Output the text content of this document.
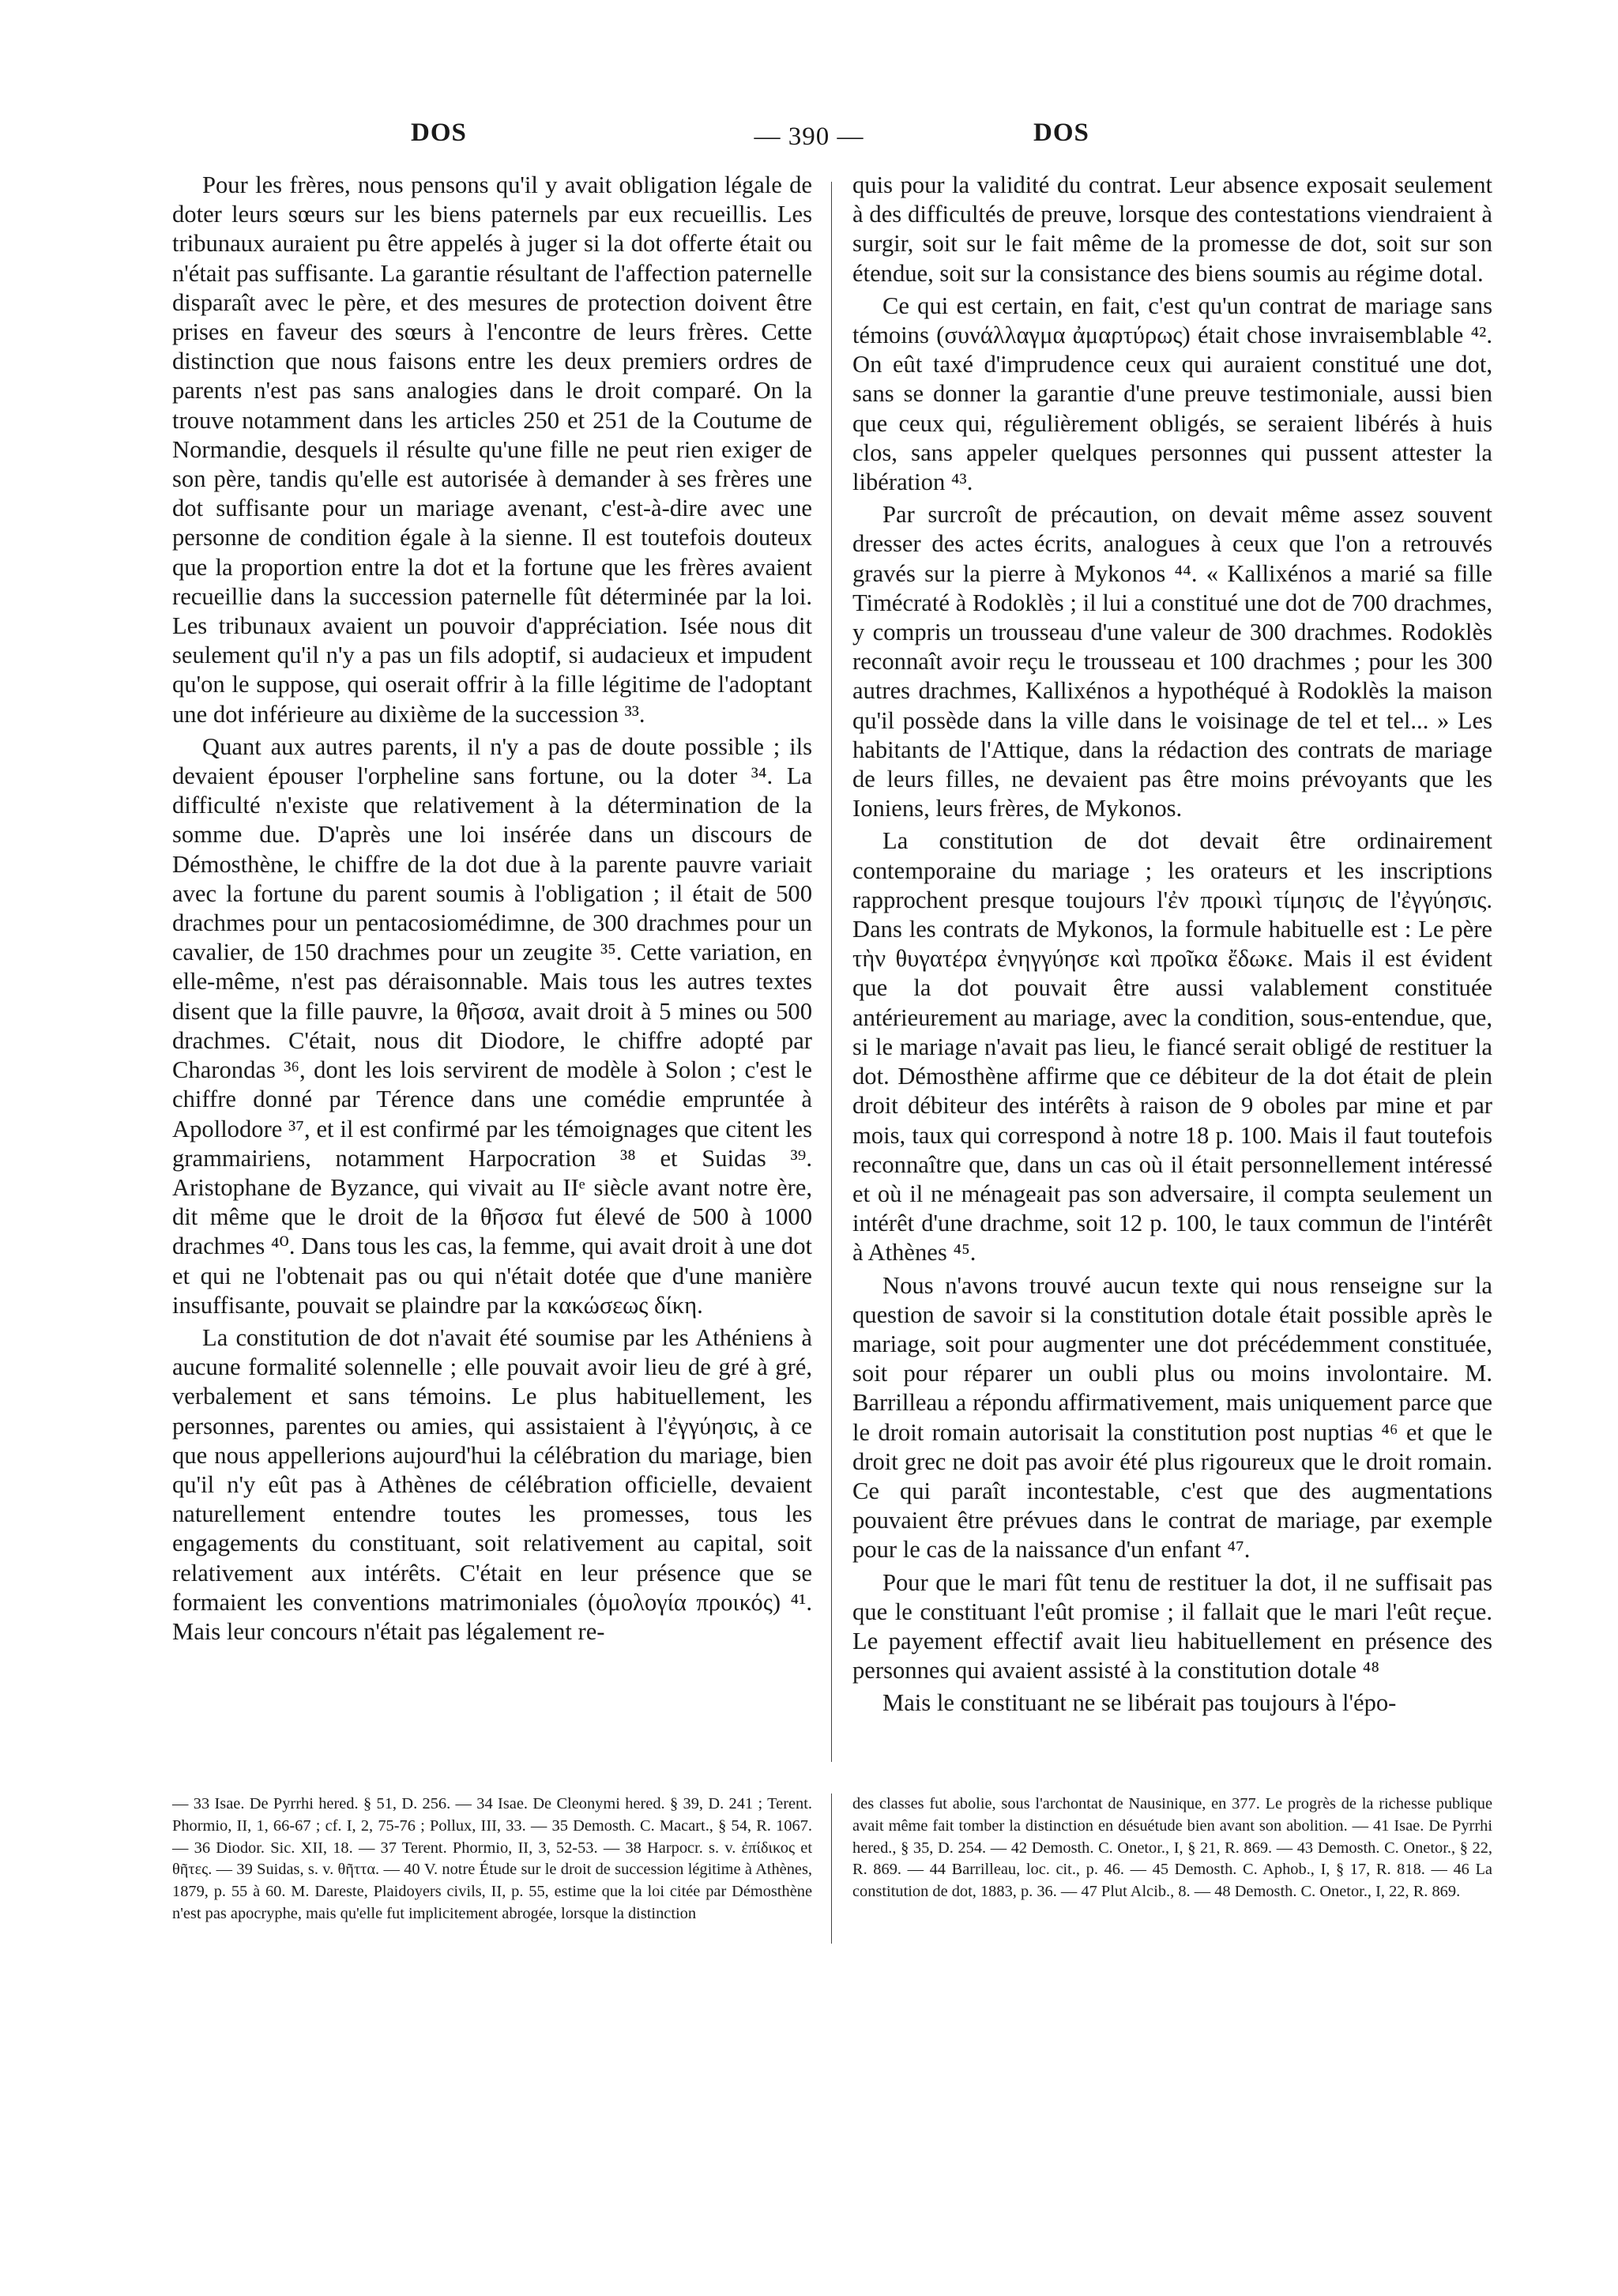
DOS	— 390 —	DOS

Pour les frères, nous pensons qu'il y avait obligation légale de doter leurs sœurs sur les biens paternels par eux recueillis. Les tribunaux auraient pu être appelés à juger si la dot offerte était ou n'était pas suffisante. La garantie résultant de l'affection paternelle disparaît avec le père, et des mesures de protection doivent être prises en faveur des sœurs à l'encontre de leurs frères. Cette distinction que nous faisons entre les deux premiers ordres de parents n'est pas sans analogies dans le droit comparé. On la trouve notamment dans les articles 250 et 251 de la Coutume de Normandie, desquels il résulte qu'une fille ne peut rien exiger de son père, tandis qu'elle est autorisée à demander à ses frères une dot suffisante pour un mariage avenant, c'est-à-dire avec une personne de condition égale à la sienne. Il est toutefois douteux que la proportion entre la dot et la fortune que les frères avaient recueillie dans la succession paternelle fût déterminée par la loi. Les tribunaux avaient un pouvoir d'appréciation. Isée nous dit seulement qu'il n'y a pas un fils adoptif, si audacieux et impudent qu'on le suppose, qui oserait offrir à la fille légitime de l'adoptant une dot inférieure au dixième de la succession ³³.

Quant aux autres parents, il n'y a pas de doute possible ; ils devaient épouser l'orpheline sans fortune, ou la doter ³⁴. La difficulté n'existe que relativement à la détermination de la somme due. D'après une loi insérée dans un discours de Démosthène, le chiffre de la dot due à la parente pauvre variait avec la fortune du parent soumis à l'obligation ; il était de 500 drachmes pour un pentacosiomédimne, de 300 drachmes pour un cavalier, de 150 drachmes pour un zeugite ³⁵. Cette variation, en elle-même, n'est pas déraisonnable. Mais tous les autres textes disent que la fille pauvre, la θῆσσα, avait droit à 5 mines ou 500 drachmes. C'était, nous dit Diodore, le chiffre adopté par Charondas ³⁶, dont les lois servirent de modèle à Solon ; c'est le chiffre donné par Térence dans une comédie empruntée à Apollodore ³⁷, et il est confirmé par les témoignages que citent les grammairiens, notamment Harpocration ³⁸ et Suidas ³⁹. Aristophane de Byzance, qui vivait au IIᵉ siècle avant notre ère, dit même que le droit de la θῆσσα fut élevé de 500 à 1000 drachmes ⁴⁰. Dans tous les cas, la femme, qui avait droit à une dot et qui ne l'obtenait pas ou qui n'était dotée que d'une manière insuffisante, pouvait se plaindre par la κακώσεως δίκη.

La constitution de dot n'avait été soumise par les Athéniens à aucune formalité solennelle ; elle pouvait avoir lieu de gré à gré, verbalement et sans témoins. Le plus habituellement, les personnes, parentes ou amies, qui assistaient à l'ἐγγύησις, à ce que nous appellerions aujourd'hui la célébration du mariage, bien qu'il n'y eût pas à Athènes de célébration officielle, devaient naturellement entendre toutes les promesses, tous les engagements du constituant, soit relativement au capital, soit relativement aux intérêts. C'était en leur présence que se formaient les conventions matrimoniales (ὁμολογία προικός) ⁴¹. Mais leur concours n'était pas légalement re-

quis pour la validité du contrat. Leur absence exposait seulement à des difficultés de preuve, lorsque des contestations viendraient à surgir, soit sur le fait même de la promesse de dot, soit sur son étendue, soit sur la consistance des biens soumis au régime dotal.

Ce qui est certain, en fait, c'est qu'un contrat de mariage sans témoins (συνάλλαγμα ἀμαρτύρως) était chose invraisemblable ⁴². On eût taxé d'imprudence ceux qui auraient constitué une dot, sans se donner la garantie d'une preuve testimoniale, aussi bien que ceux qui, régulièrement obligés, se seraient libérés à huis clos, sans appeler quelques personnes qui pussent attester la libération ⁴³.

Par surcroît de précaution, on devait même assez souvent dresser des actes écrits, analogues à ceux que l'on a retrouvés gravés sur la pierre à Mykonos ⁴⁴. « Kallixénos a marié sa fille Timécraté à Rodoklès ; il lui a constitué une dot de 700 drachmes, y compris un trousseau d'une valeur de 300 drachmes. Rodoklès reconnaît avoir reçu le trousseau et 100 drachmes ; pour les 300 autres drachmes, Kallixénos a hypothéqué à Rodoklès la maison qu'il possède dans la ville dans le voisinage de tel et tel... » Les habitants de l'Attique, dans la rédaction des contrats de mariage de leurs filles, ne devaient pas être moins prévoyants que les Ioniens, leurs frères, de Mykonos.

La constitution de dot devait être ordinairement contemporaine du mariage ; les orateurs et les inscriptions rapprochent presque toujours l'ἐν προικὶ τίμησις de l'ἐγγύησις. Dans les contrats de Mykonos, la formule habituelle est : Le père τὴν θυγατέρα ἐνηγγύησε καὶ προῖκα ἔδωκε. Mais il est évident que la dot pouvait être aussi valablement constituée antérieurement au mariage, avec la condition, sous-entendue, que, si le mariage n'avait pas lieu, le fiancé serait obligé de restituer la dot. Démosthène affirme que ce débiteur de la dot était de plein droit débiteur des intérêts à raison de 9 oboles par mine et par mois, taux qui correspond à notre 18 p. 100. Mais il faut toutefois reconnaître que, dans un cas où il était personnellement intéressé et où il ne ménageait pas son adversaire, il compta seulement un intérêt d'une drachme, soit 12 p. 100, le taux commun de l'intérêt à Athènes ⁴⁵.

Nous n'avons trouvé aucun texte qui nous renseigne sur la question de savoir si la constitution dotale était possible après le mariage, soit pour augmenter une dot précédemment constituée, soit pour réparer un oubli plus ou moins involontaire. M. Barrilleau a répondu affirmativement, mais uniquement parce que le droit romain autorisait la constitution post nuptias ⁴⁶ et que le droit grec ne doit pas avoir été plus rigoureux que le droit romain. Ce qui paraît incontestable, c'est que des augmentations pouvaient être prévues dans le contrat de mariage, par exemple pour le cas de la naissance d'un enfant ⁴⁷.

Pour que le mari fût tenu de restituer la dot, il ne suffisait pas que le constituant l'eût promise ; il fallait que le mari l'eût reçue. Le payement effectif avait lieu habituellement en présence des personnes qui avaient assisté à la constitution dotale ⁴⁸

Mais le constituant ne se libérait pas toujours à l'épo-

— 33 Isae. De Pyrrhi hered. § 51, D. 256. — 34 Isae. De Cleonymi hered. § 39, D. 241 ; Terent. Phormio, II, 1, 66-67 ; cf. I, 2, 75-76 ; Pollux, III, 33. — 35 Demosth. C. Macart., § 54, R. 1067. — 36 Diodor. Sic. XII, 18. — 37 Terent. Phormio, II, 3, 52-53. — 38 Harpocr. s. v. ἐπίδικος et θῆτες. — 39 Suidas, s. v. θῆττα. — 40 V. notre Étude sur le droit de succession légitime à Athènes, 1879, p. 55 à 60. M. Dareste, Plaidoyers civils, II, p. 55, estime que la loi citée par Démosthène n'est pas apocryphe, mais qu'elle fut implicitement abrogée, lorsque la distinction
des classes fut abolie, sous l'archontat de Nausinique, en 377. Le progrès de la richesse publique avait même fait tomber la distinction en désuétude bien avant son abolition. — 41 Isae. De Pyrrhi hered., § 35, D. 254. — 42 Demosth. C. Onetor., I, § 21, R. 869. — 43 Demosth. C. Onetor., § 22, R. 869. — 44 Barrilleau, loc. cit., p. 46. — 45 Demosth. C. Aphob., I, § 17, R. 818. — 46 La constitution de dot, 1883, p. 36. — 47 Plut Alcib., 8. — 48 Demosth. C. Onetor., I, 22, R. 869.
